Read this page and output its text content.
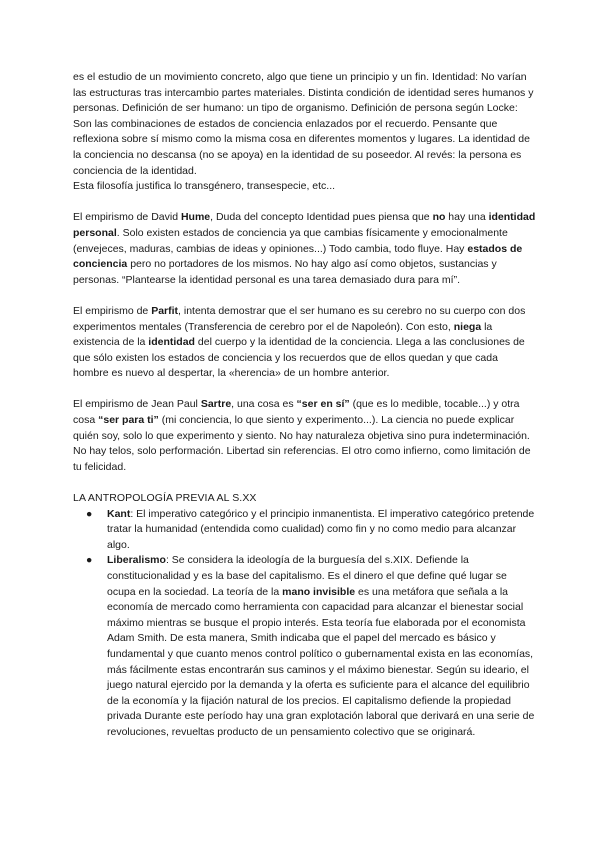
es el estudio de un movimiento concreto, algo que tiene un principio y un fin. Identidad: No varían las estructuras tras intercambio partes materiales. Distinta condición de identidad seres humanos y personas. Definición de ser humano: un tipo de organismo. Definición de persona según Locke: Son las combinaciones de estados de conciencia enlazados por el recuerdo. Pensante que reflexiona sobre sí mismo como la misma cosa en diferentes momentos y lugares. La identidad de la conciencia no descansa (no se apoya) en la identidad de su poseedor. Al revés: la persona es conciencia de la identidad.

Esta filosofía justifica lo transgénero, transespecie, etc...

El empirismo de David Hume, Duda del concepto Identidad pues piensa que no hay una identidad personal. Solo existen estados de conciencia ya que cambias físicamente y emocionalmente (envejeces, maduras, cambias de ideas y opiniones...) Todo cambia, todo fluye. Hay estados de conciencia pero no portadores de los mismos. No hay algo así como objetos, sustancias y personas. “Plantearse la identidad personal es una tarea demasiado dura para mí”.

El empirismo de Parfit, intenta demostrar que el ser humano es su cerebro no su cuerpo con dos experimentos mentales (Transferencia de cerebro por el de Napoleón). Con esto, niega la existencia de la identidad del cuerpo y la identidad de la conciencia. Llega a las conclusiones de que sólo existen los estados de conciencia y los recuerdos que de ellos quedan y que cada hombre es nuevo al despertar, la «herencia» de un hombre anterior.

El empirismo de Jean Paul Sartre, una cosa es “ser en sí” (que es lo medible, tocable...) y otra cosa “ser para ti” (mi conciencia, lo que siento y experimento...). La ciencia no puede explicar quién soy, solo lo que experimento y siento. No hay naturaleza objetiva sino pura indeterminación. No hay telos, solo performación. Libertad sin referencias. El otro como infierno, como limitación de tu felicidad.

LA ANTROPOLOGÍA PREVIA AL S.XX

● Kant: El imperativo categórico y el principio inmanentista. El imperativo categórico pretende tratar la humanidad (entendida como cualidad) como fin y no como medio para alcanzar algo.
● Liberalismo: Se considera la ideología de la burguesía del s.XIX. Defiende la constitucionalidad y es la base del capitalismo. Es el dinero el que define qué lugar se ocupa en la sociedad. La teoría de la mano invisible es una metáfora que señala a la economía de mercado como herramienta con capacidad para alcanzar el bienestar social máximo mientras se busque el propio interés. Esta teoría fue elaborada por el economista Adam Smith. De esta manera, Smith indicaba que el papel del mercado es básico y fundamental y que cuanto menos control político o gubernamental exista en las economías, más fácilmente estas encontrarán sus caminos y el máximo bienestar. Según su ideario, el juego natural ejercido por la demanda y la oferta es suficiente para el alcance del equilibrio de la economía y la fijación natural de los precios. El capitalismo defiende la propiedad privada Durante este período hay una gran explotación laboral que derivará en una serie de revoluciones, revueltas producto de un pensamiento colectivo que se originará.
